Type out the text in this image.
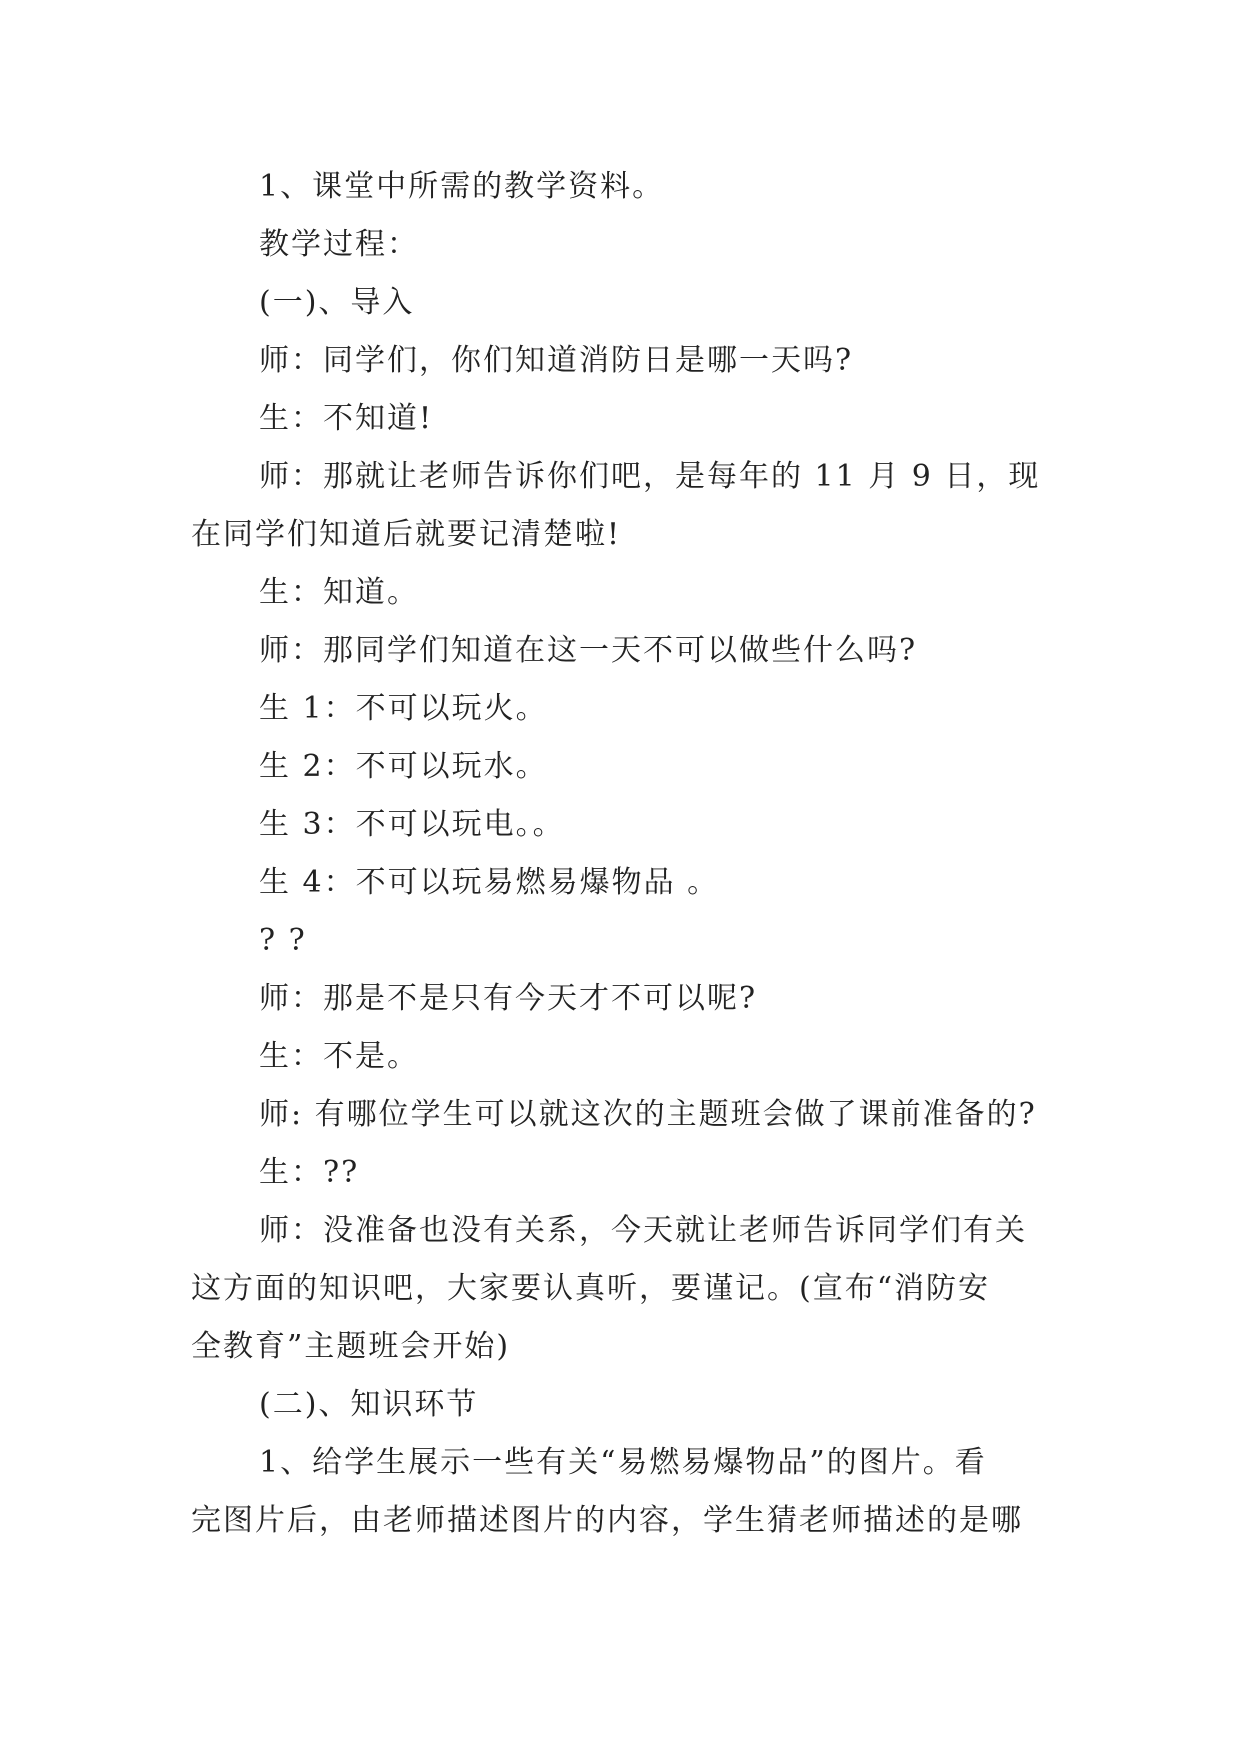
1、课堂中所需的教学资料。
教学过程：
(一)、导入
师：同学们，你们知道消防日是哪一天吗?
生：不知道!
师：那就让老师告诉你们吧，是每年的 11 月 9 日，现
在同学们知道后就要记清楚啦!
生：知道。
师：那同学们知道在这一天不可以做些什么吗?
生 1：不可以玩火。
生 2：不可以玩水。
生 3：不可以玩电。。
生 4：不可以玩易燃易爆物品 。
? ?
师：那是不是只有今天才不可以呢?
生：不是。
师: 有哪位学生可以就这次的主题班会做了课前准备的?
生：??
师：没准备也没有关系，今天就让老师告诉同学们有关
这方面的知识吧，大家要认真听，要谨记。(宣布“消防安
全教育”主题班会开始)
(二)、知识环节
1、给学生展示一些有关“易燃易爆物品”的图片。看
完图片后，由老师描述图片的内容，学生猜老师描述的是哪
